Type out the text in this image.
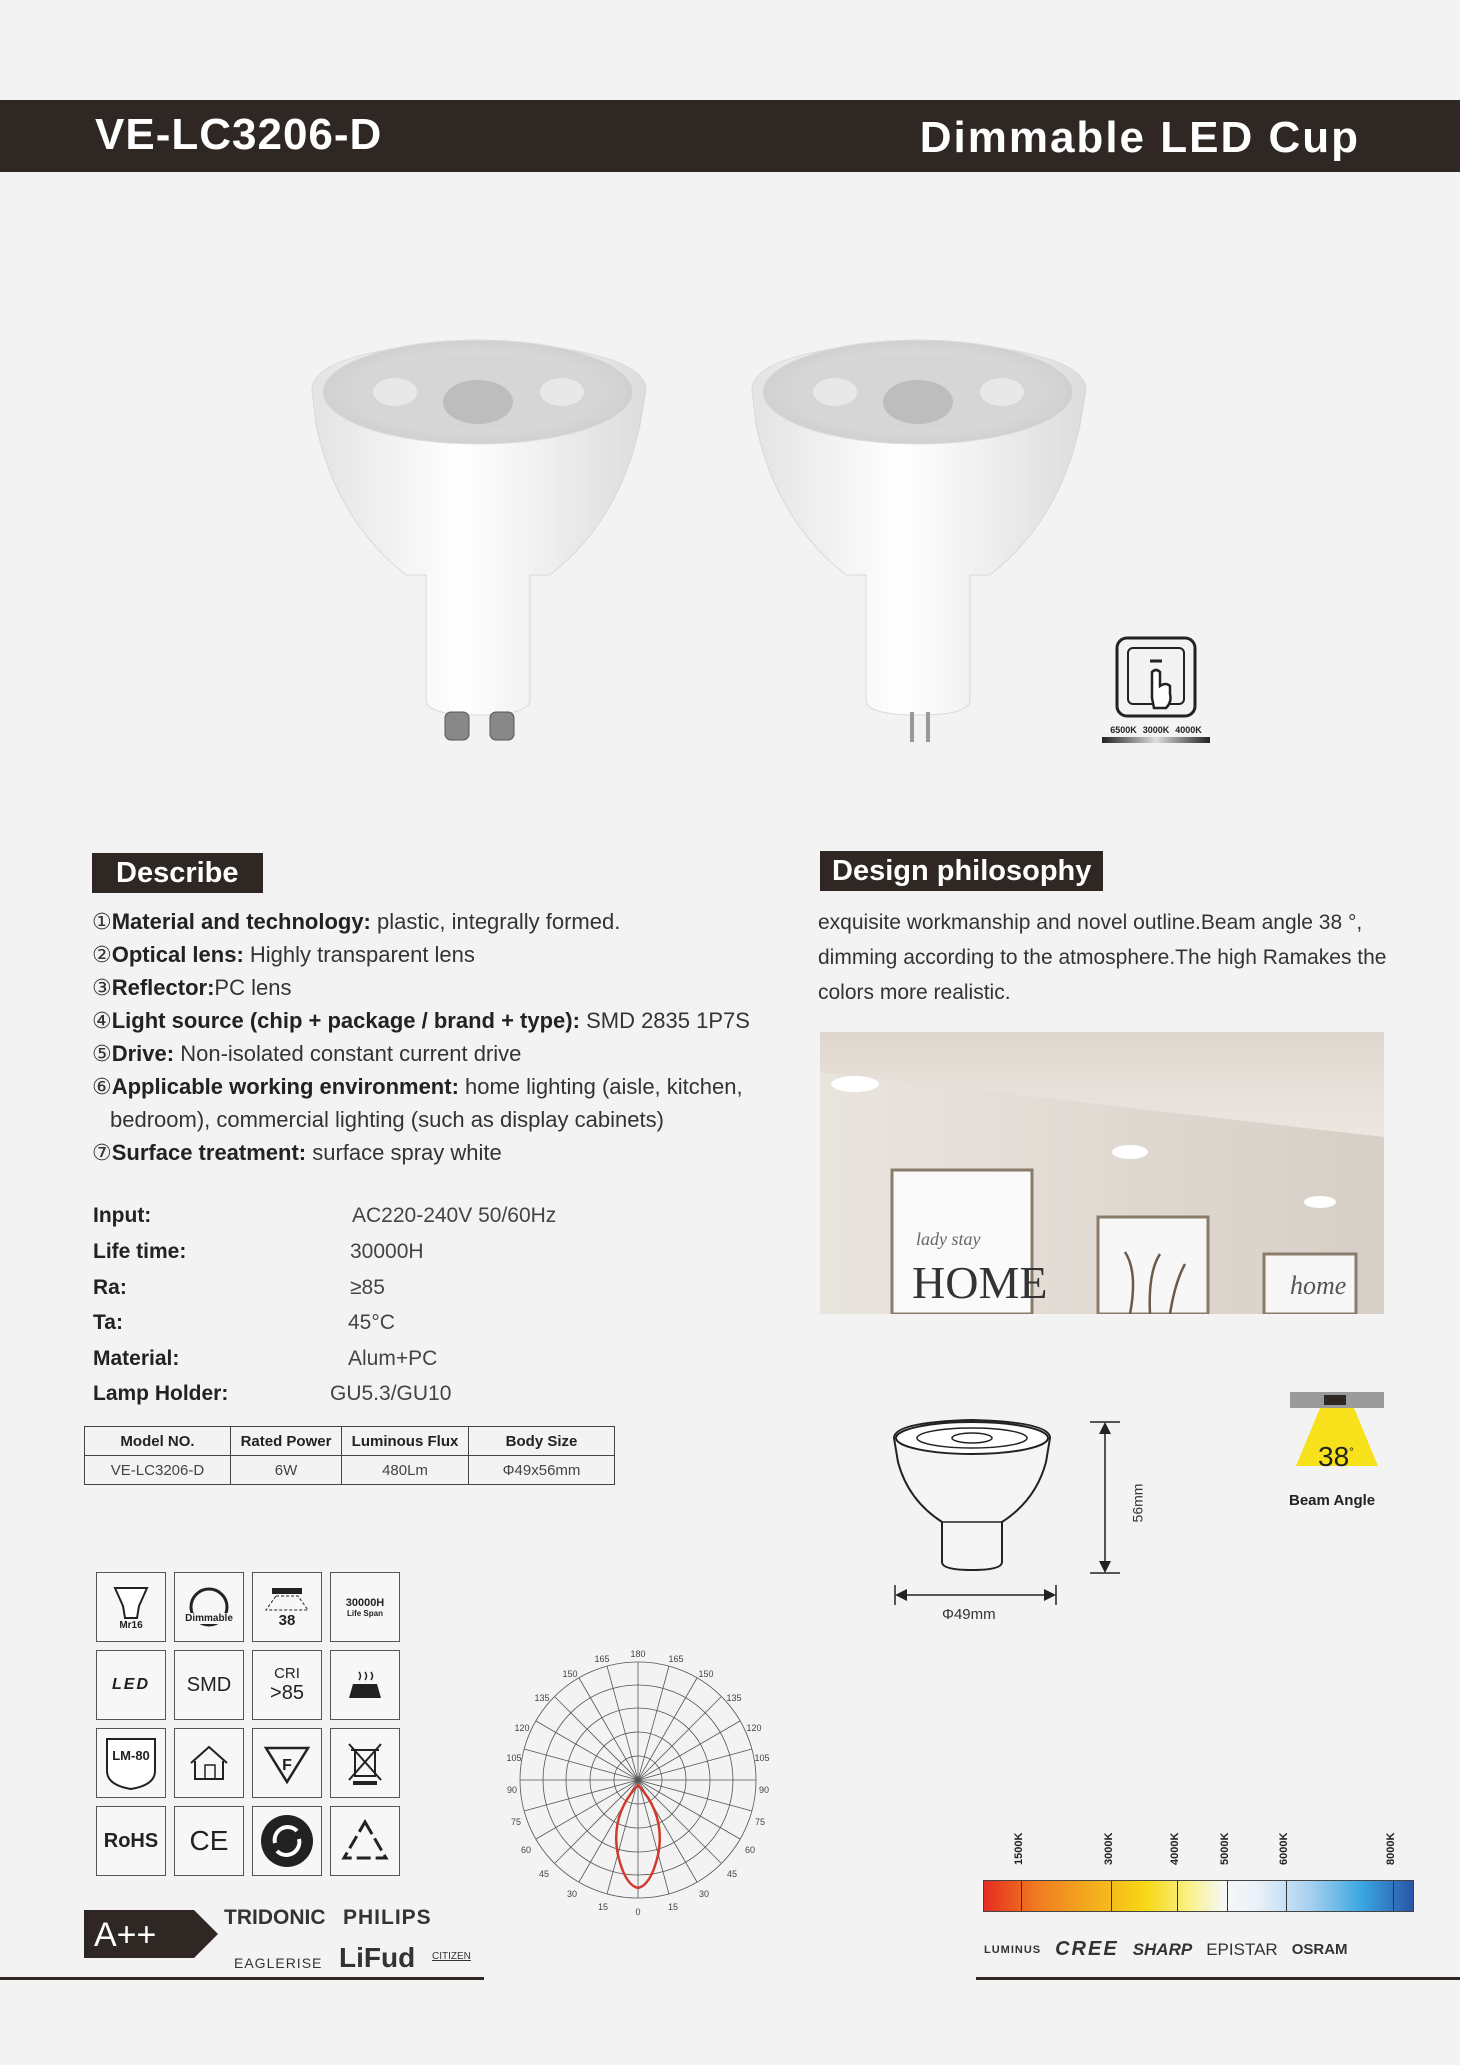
VE-LC3206-D	Dimmable LED Cup
6500K 3000K 4000K
Describe
①Material and technology: plastic, integrally formed.
②Optical lens: Highly transparent lens
③Reflector:PC lens
④Light source (chip + package / brand + type): SMD 2835 1P7S
⑤Drive: Non-isolated constant current drive
⑥Applicable working environment: home lighting (aisle, kitchen,
bedroom), commercial lighting (such as display cabinets)
⑦Surface treatment: surface spray white
Input:	AC220-240V 50/60Hz
Life time:	30000H
Ra:	≥85
Ta:	45°C
Material:	Alum+PC
Lamp Holder:	GU5.3/GU10
Model NO.	Rated Power	Luminous Flux	Body Size
VE-LC3206-D	6W	480Lm	Φ49x56mm
Design philosophy
exquisite workmanship and novel outline.Beam angle 38 °, dimming according to the atmosphere.The high Ramakes the colors more realistic.
lady stay
HOME	home
56mm
Φ49mm
38°
Beam Angle
Mr16
Dimmable	38
30000H
Life Span
LED	SMD	CRI
>85
LM-80
F
RoHS	CE
165 180	165
150
135
120
105
90
75
60
45
30
15
150
135
120
105
90
75
60
45
30
15
0
A++	TRIDONIC PHILIPS
EAGLERISE LiFud CITIZEN
1500K	3000K	4000K	5000K	6000K	8000K
LUMINUS CREE SHARP EPISTAR OSRAM
